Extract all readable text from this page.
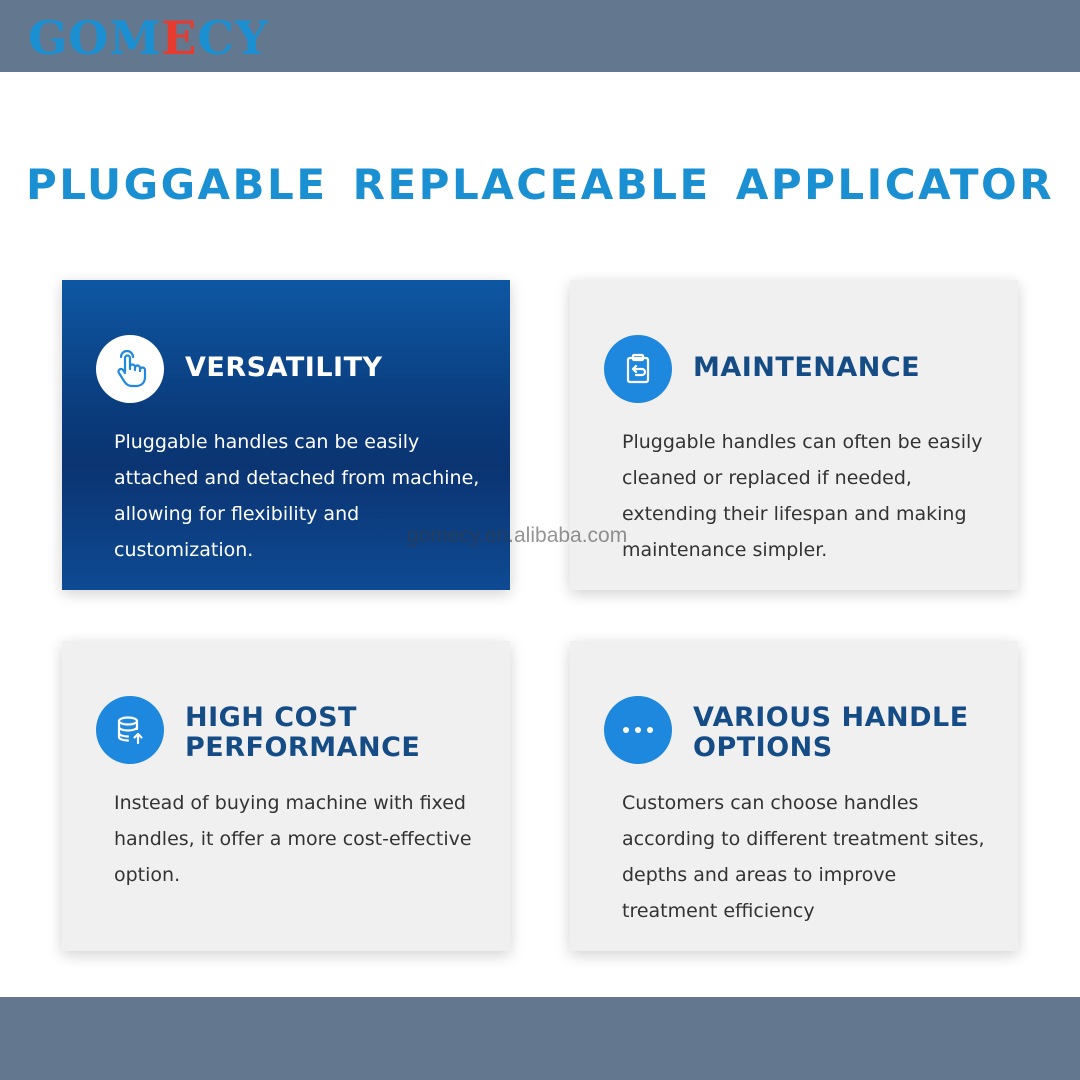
GOMECY
PLUGGABLE REPLACEABLE APPLICATOR
VERSATILITY
Pluggable handles can be easily attached and detached from machine, allowing for flexibility and customization.
MAINTENANCE
Pluggable handles can often be easily cleaned or replaced if needed, extending their lifespan and making maintenance simpler.
gomecy.en.alibaba.com
HIGH COST
PERFORMANCE
Instead of buying machine with fixed handles, it offer a more cost-effective option.
VARIOUS HANDLE
OPTIONS
Customers can choose handles according to different treatment sites, depths and areas to improve treatment efficiency
